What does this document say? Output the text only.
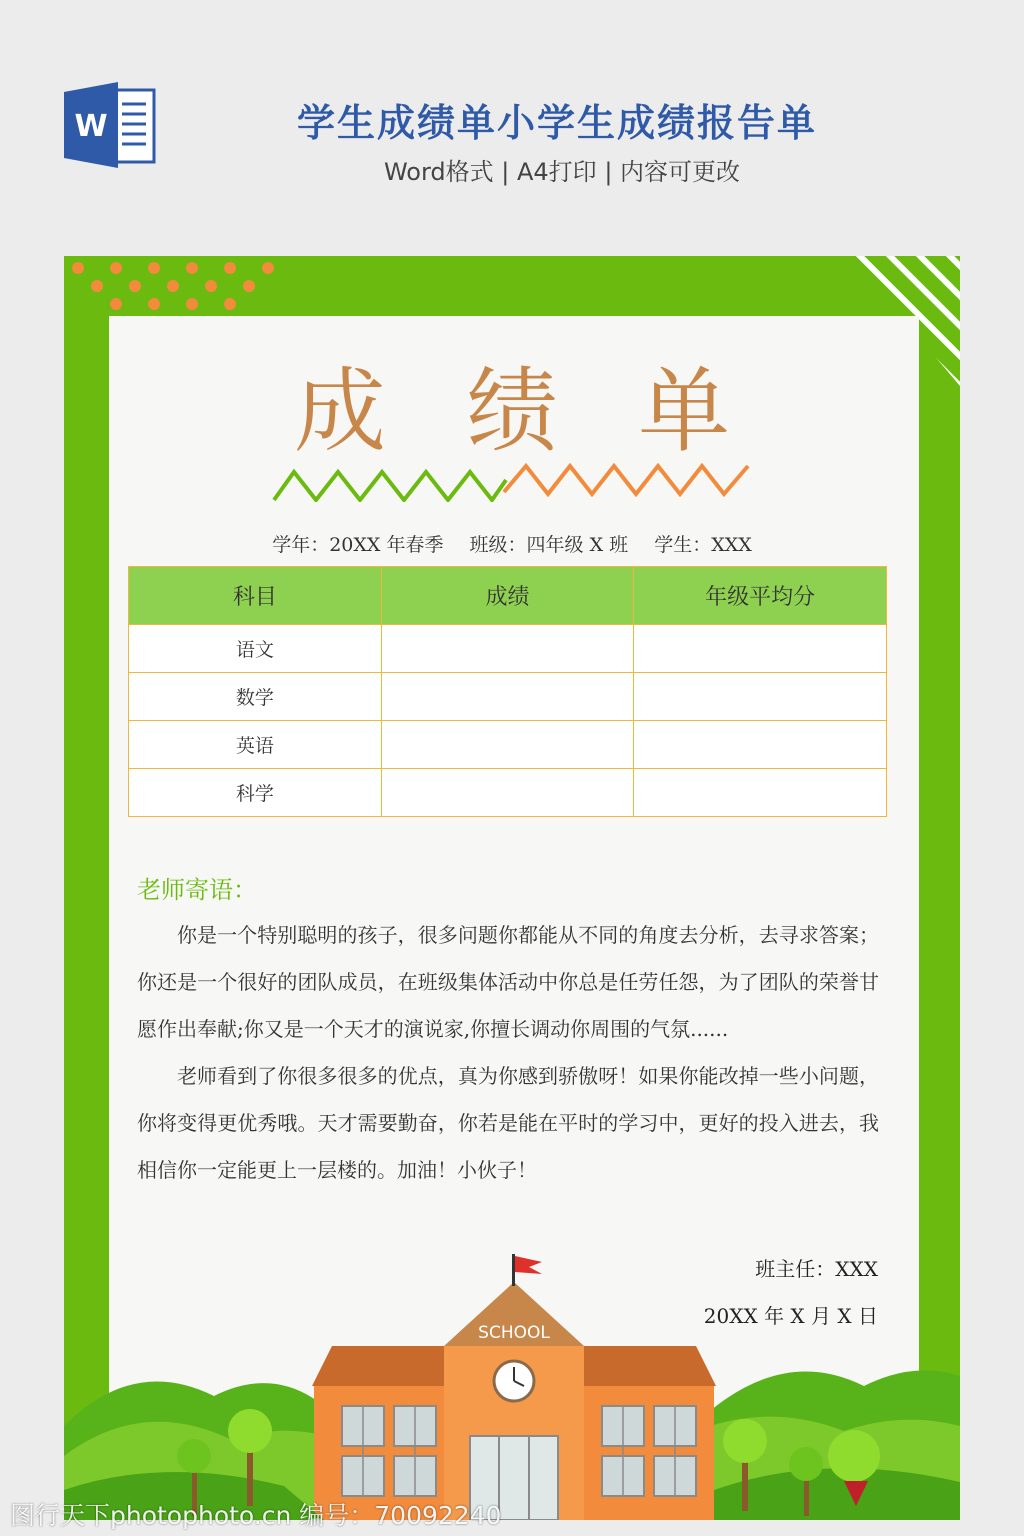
W	学生成绩单小学生成绩报告单
Word格式 | A4打印 | 内容可更改
成绩单
学年：20XX 年春季 班级：四年级 X 班 学生：XXX
科目	成绩	年级平均分
语文		
数学		
英语		
科学		
老师寄语：

你是一个特别聪明的孩子，很多问题你都能从不同的角度去分析，去寻求答案；你还是一个很好的团队成员，在班级集体活动中你总是任劳任怨，为了团队的荣誉甘愿作出奉献;你又是一个天才的演说家,你擅长调动你周围的气氛......

老师看到了你很多很多的优点，真为你感到骄傲呀！如果你能改掉一些小问题，你将变得更优秀哦。天才需要勤奋，你若是能在平时的学习中，更好的投入进去，我相信你一定能更上一层楼的。加油！小伙子！

SCHOOL
班主任：XXX
20XX 年 X 月 X 日
图行天下photophoto.cn 编号：70092240
